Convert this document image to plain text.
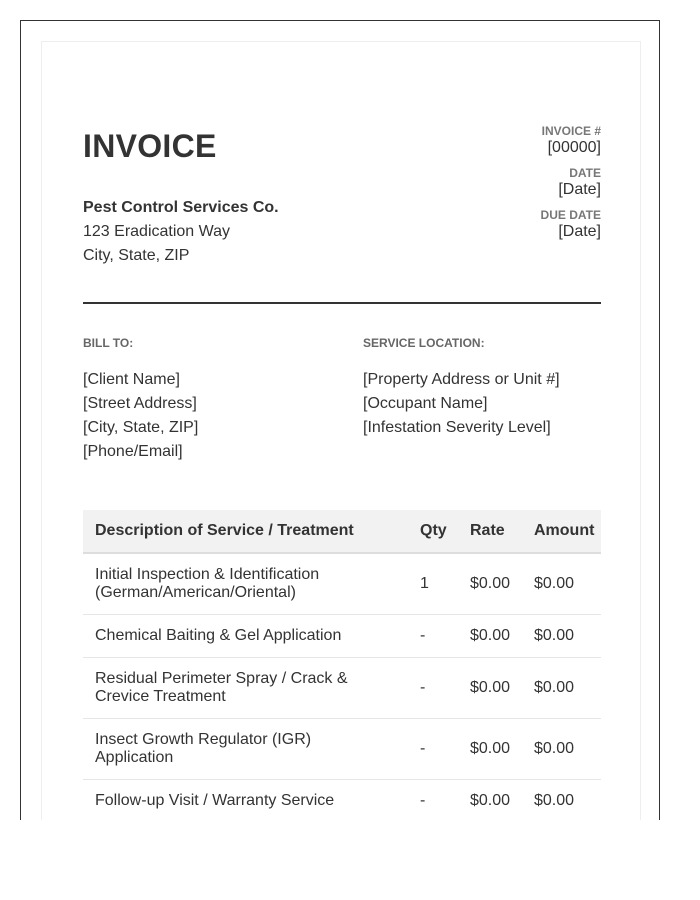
INVOICE
Pest Control Services Co.
123 Eradication Way
City, State, ZIP
INVOICE #
[00000]
DATE
[Date]
DUE DATE
[Date]
BILL TO:
[Client Name]
[Street Address]
[City, State, ZIP]
[Phone/Email]
SERVICE LOCATION:
[Property Address or Unit #]
[Occupant Name]
[Infestation Severity Level]
Description of Service / Treatment	Qty	Rate	Amount

Initial Inspection & Identification
(German/American/Oriental)	1	$0.00	$0.00

Chemical Baiting & Gel Application	-	$0.00	$0.00

Residual Perimeter Spray / Crack &
Crevice Treatment	-	$0.00	$0.00

Insect Growth Regulator (IGR)
Application	-	$0.00	$0.00

Follow-up Visit / Warranty Service	-	$0.00	$0.00
